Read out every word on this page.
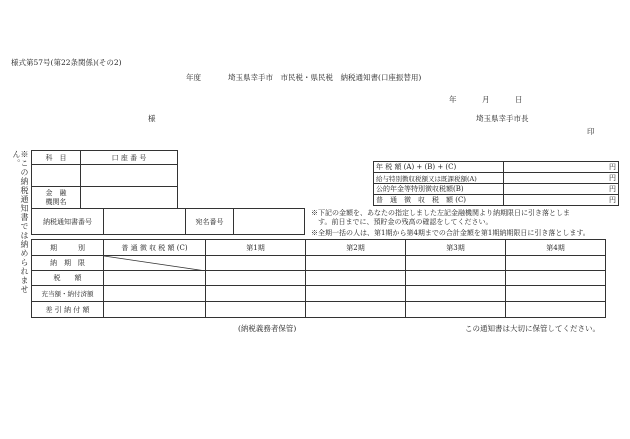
様式第57号(第22条関係)(その2)
年度	埼玉県幸手市　市民税・県民税　納税通知書(口座振替用)
年	月	日
様	埼玉県幸手市長
印
※この納税通知書では納められません。	科　目	口 座 番 号

金　融
機関名	

納税通知書番号		宛名番号	
年 税 額 (A) + (B) + (C)	円
給与特別徴収税額又は既課税額(A)	円
公的年金等特別徴収税額(B)	円
普　通　徴　収　税　額 (C)	円
※下記の金額を、あなたの指定しました左記金融機関より納期限日に引き落としま
す。前日までに、預貯金の残高の確認をしてください。
※全期一括の人は、第1期から第4期までの合計金額を第1期納期限日に引き落とします。
期　　　別	普 通 徴 収 税 額 (C)	第1期	第2期	第3期	第4期
納　期　限	

税　　額					
充当額・納付済額					
差 引 納 付 額					
(納税義務者保管)	この通知書は大切に保管してください。
